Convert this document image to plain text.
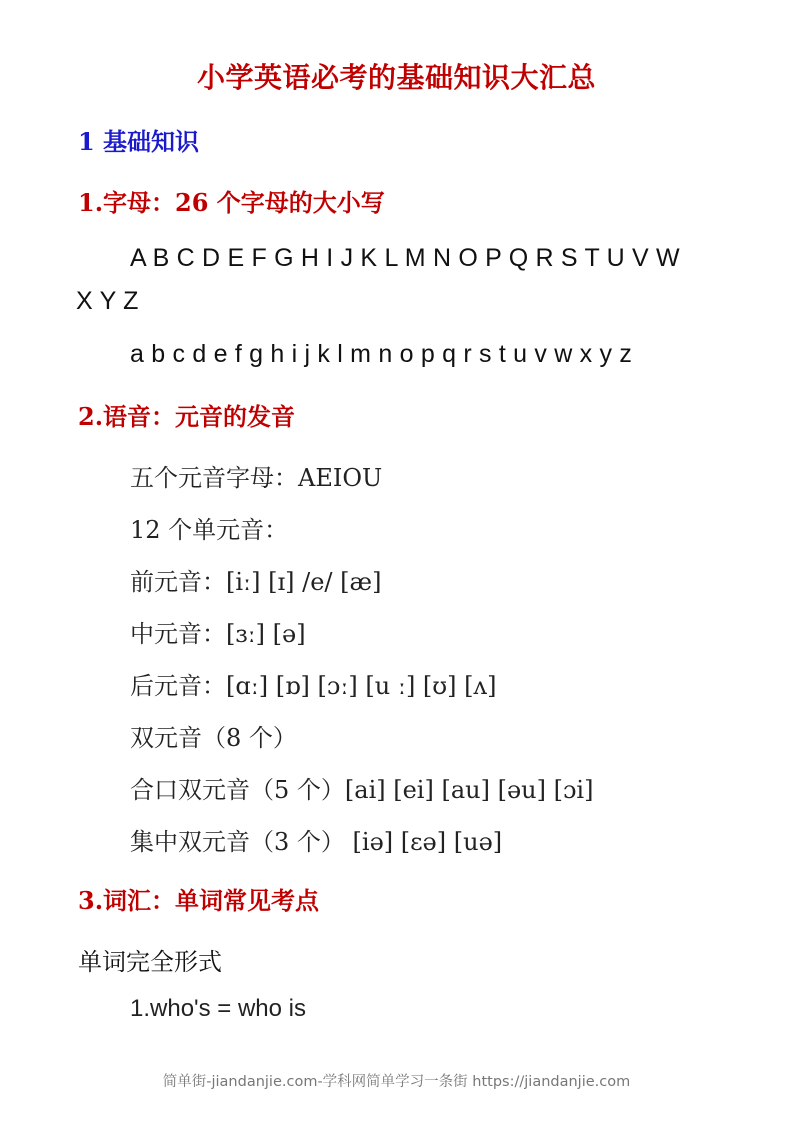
小学英语必考的基础知识大汇总
1 基础知识
1.字母：26 个字母的大小写
A B C D E F G H I J K L M N O P Q R S T U V W
X Y Z
a b c d e f g h i j k l m n o p q r s t u v w x y z
2.语音：元音的发音
五个元音字母：AEIOU
12 个单元音：
前元音：[iː] [ɪ] /e/ [æ]
中元音：[ɜː] [ə]
后元音：[ɑː] [ɒ] [ɔː] [u ː] [ʊ] [ʌ]
双元音（8 个）
合口双元音（5 个）[ai] [ei] [au] [əu] [ɔi]
集中双元音（3 个） [iə] [εə] [uə]
3.词汇：单词常见考点
单词完全形式
1.who's = who is
简单街-jiandanjie.com-学科网简单学习一条街 https://jiandanjie.com
